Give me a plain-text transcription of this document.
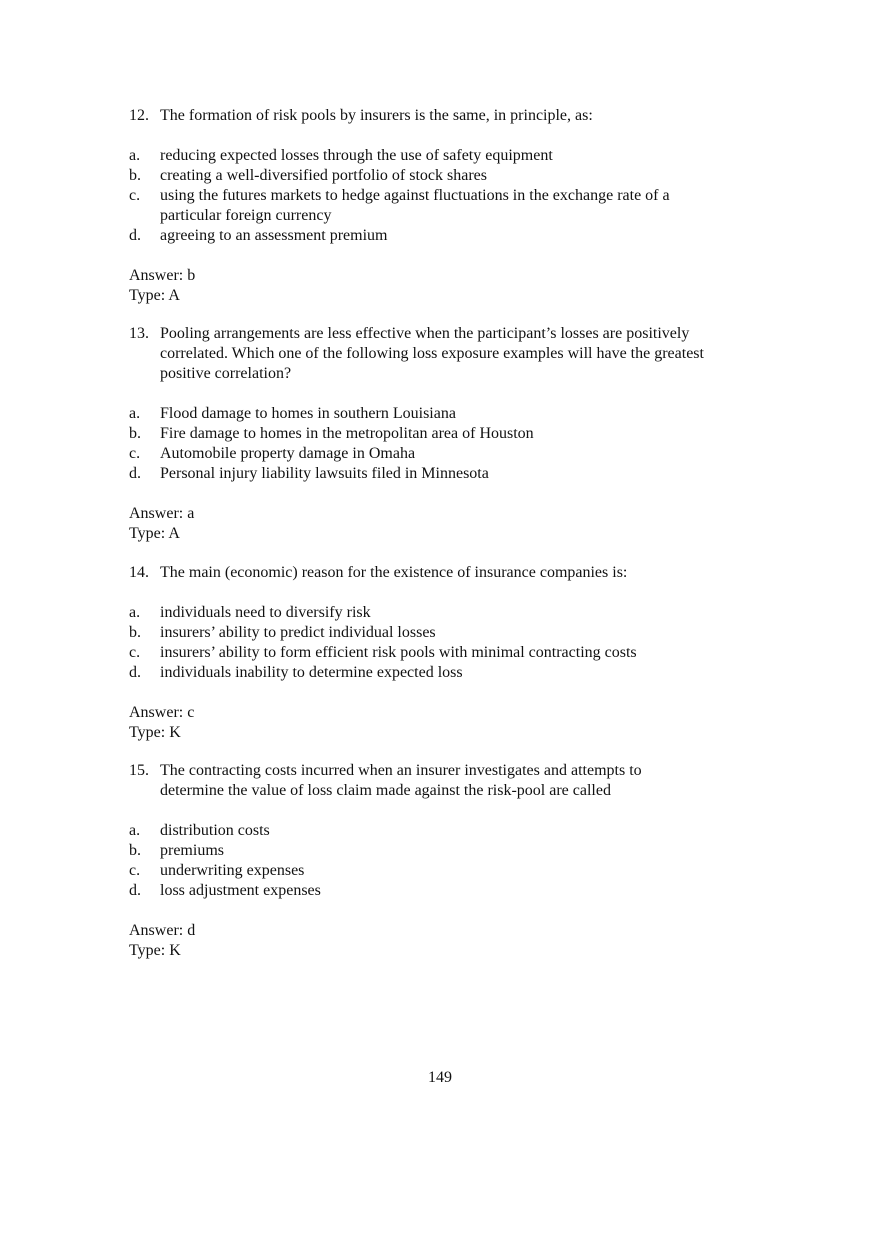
12. The formation of risk pools by insurers is the same, in principle, as:
a.	reducing expected losses through the use of safety equipment
b.	creating a well-diversified portfolio of stock shares
c.	using the futures markets to hedge against fluctuations in the exchange rate of a particular foreign currency
d.	agreeing to an assessment premium
Answer: b
Type: A
13. Pooling arrangements are less effective when the participant’s losses are positively correlated. Which one of the following loss exposure examples will have the greatest positive correlation?
a.	Flood damage to homes in southern Louisiana
b.	Fire damage to homes in the metropolitan area of Houston
c.	Automobile property damage in Omaha
d.	Personal injury liability lawsuits filed in Minnesota
Answer: a
Type: A
14. The main (economic) reason for the existence of insurance companies is:
a.	individuals need to diversify risk
b.	insurers’ ability to predict individual losses
c.	insurers’ ability to form efficient risk pools with minimal contracting costs
d.	individuals inability to determine expected loss
Answer: c
Type: K
15. The contracting costs incurred when an insurer investigates and attempts to determine the value of loss claim made against the risk-pool are called
a.	distribution costs
b.	premiums
c.	underwriting expenses
d.	loss adjustment expenses
Answer: d
Type: K
149
